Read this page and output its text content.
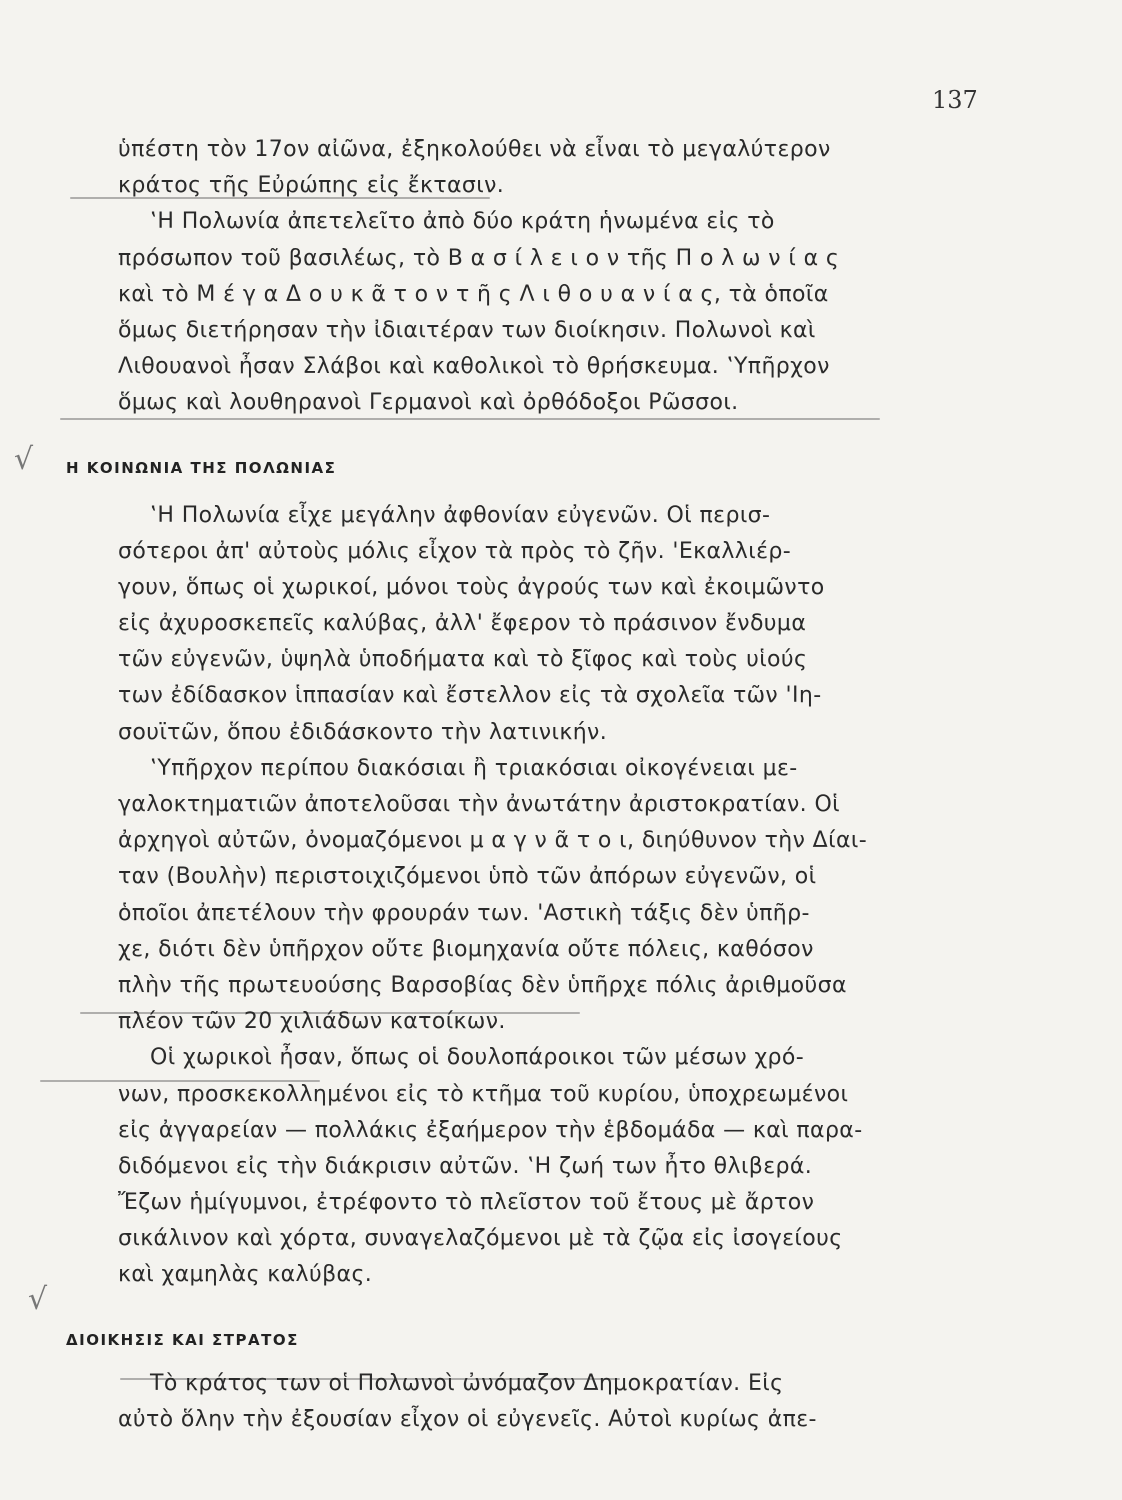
137
√
√
ὑπέστη τὸν 17ον αἰῶνα, ἐξηκολούθει νὰ εἶναι τὸ μεγαλύτερον
κράτος τῆς Εὐρώπης εἰς ἔκτασιν.
‛Η Πολωνία ἀπετελεῖτο ἀπὸ δύο κράτη ἡνωμένα εἰς τὸ
πρόσωπον τοῦ βασιλέως, τὸ Β α σ ί λ ε ι ο ν τῆς Π ο λ ω ν ί α ς
καὶ τὸ Μ έ γ α Δ ο υ κ ᾶ τ ο ν τ ῆ ς Λ ι θ ο υ α ν ί α ς, τὰ ὁποῖα
ὅμως διετήρησαν τὴν ἰδιαιτέραν των διοίκησιν. Πολωνοὶ καὶ
Λιθουανοὶ ἦσαν Σλάβοι καὶ καθολικοὶ τὸ θρήσκευμα. ‛Υπῆρχον
ὅμως καὶ λουθηρανοὶ Γερμανοὶ καὶ ὀρθόδοξοι Ρῶσσοι.
Η ΚΟΙΝΩΝΙΑ ΤΗΣ ΠΟΛΩΝΙΑΣ
‛Η Πολωνία εἶχε μεγάλην ἀφθονίαν εὐγενῶν. Οἱ περισ-
σότεροι ἀπ' αὐτοὺς μόλις εἶχον τὰ πρὸς τὸ ζῆν. 'Εκαλλιέρ-
γουν, ὅπως οἱ χωρικοί, μόνοι τοὺς ἀγρούς των καὶ ἐκοιμῶντο
εἰς ἀχυροσκεπεῖς καλύβας, ἀλλ' ἔφερον τὸ πράσινον ἔνδυμα
τῶν εὐγενῶν, ὑψηλὰ ὑποδήματα καὶ τὸ ξῖφος καὶ τοὺς υἱούς
των ἐδίδασκον ἱππασίαν καὶ ἔστελλον εἰς τὰ σχολεῖα τῶν 'Ιη-
σουϊτῶν, ὅπου ἐδιδάσκοντο τὴν λατινικήν.
‛Υπῆρχον περίπου διακόσιαι ἢ τριακόσιαι οἰκογένειαι με-
γαλοκτηματιῶν ἀποτελοῦσαι τὴν ἀνωτάτην ἀριστοκρατίαν. Οἱ
ἀρχηγοὶ αὐτῶν, ὀνομαζόμενοι μ α γ ν ᾶ τ ο ι, διηύθυνον τὴν Δίαι-
ταν (Βουλὴν) περιστοιχιζόμενοι ὑπὸ τῶν ἀπόρων εὐγενῶν, οἱ
ὁποῖοι ἀπετέλουν τὴν φρουράν των. 'Αστικὴ τάξις δὲν ὑπῆρ-
χε, διότι δὲν ὑπῆρχον οὔτε βιομηχανία οὔτε πόλεις, καθόσον
πλὴν τῆς πρωτευούσης Βαρσοβίας δὲν ὑπῆρχε πόλις ἀριθμοῦσα
πλέον τῶν 20 χιλιάδων κατοίκων.
Οἱ χωρικοὶ ἦσαν, ὅπως οἱ δουλοπάροικοι τῶν μέσων χρό-
νων, προσκεκολλημένοι εἰς τὸ κτῆμα τοῦ κυρίου, ὑποχρεωμένοι
εἰς ἀγγαρείαν — πολλάκις ἐξαήμερον τὴν ἑβδομάδα — καὶ παρα-
διδόμενοι εἰς τὴν διάκρισιν αὐτῶν. ‛Η ζωή των ἦτο θλιβερά.
Ἔζων ἡμίγυμνοι, ἐτρέφοντο τὸ πλεῖστον τοῦ ἔτους μὲ ἄρτον
σικάλινον καὶ χόρτα, συναγελαζόμενοι μὲ τὰ ζῷα εἰς ἰσογείους
καὶ χαμηλὰς καλύβας.
ΔΙΟΙΚΗΣΙΣ ΚΑΙ ΣΤΡΑΤΟΣ
Τὸ κράτος των οἱ Πολωνοὶ ὠνόμαζον Δημοκρατίαν. Εἰς
αὐτὸ ὅλην τὴν ἐξουσίαν εἶχον οἱ εὐγενεῖς. Αὐτοὶ κυρίως ἀπε-
